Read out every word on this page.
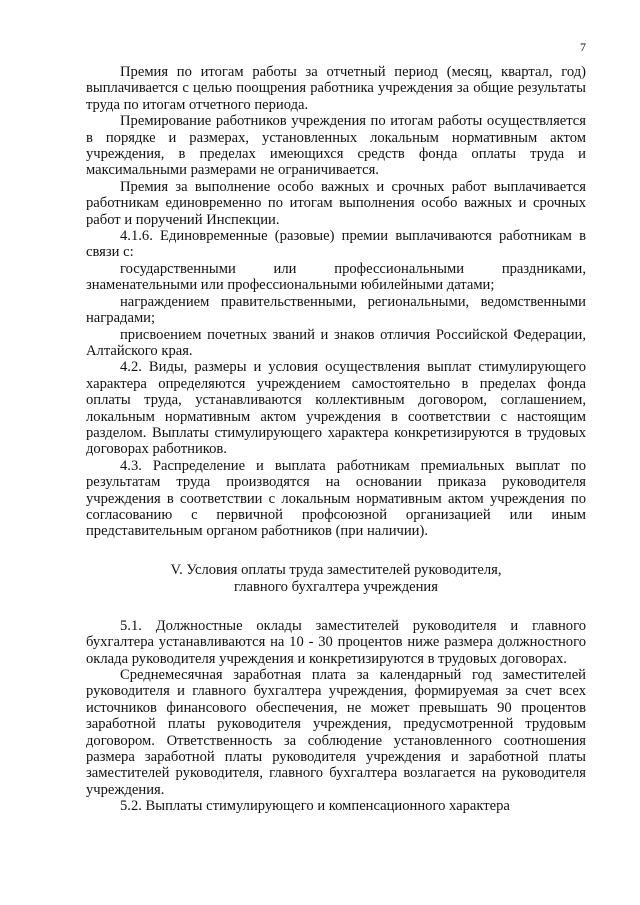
7

Премия по итогам работы за отчетный период (месяц, квартал, год) выплачивается с целью поощрения работника учреждения за общие результаты труда по итогам отчетного периода.

Премирование работников учреждения по итогам работы осуществляется в порядке и размерах, установленных локальным нормативным актом учреждения, в пределах имеющихся средств фонда оплаты труда и максимальными размерами не ограничивается.

Премия за выполнение особо важных и срочных работ выплачивается работникам единовременно по итогам выполнения особо важных и срочных работ и поручений Инспекции.

4.1.6. Единовременные (разовые) премии выплачиваются работникам в связи с:

государственными или профессиональными праздниками, знаменательными или профессиональными юбилейными датами;

награждением правительственными, региональными, ведомственными наградами;

присвоением почетных званий и знаков отличия Российской Федерации, Алтайского края.

4.2. Виды, размеры и условия осуществления выплат стимулирующего характера определяются учреждением самостоятельно в пределах фонда оплаты труда, устанавливаются коллективным договором, соглашением, локальным нормативным актом учреждения в соответствии с настоящим разделом. Выплаты стимулирующего характера конкретизируются в трудовых договорах работников.

4.3. Распределение и выплата работникам премиальных выплат по результатам труда производятся на основании приказа руководителя учреждения в соответствии с локальным нормативным актом учреждения по согласованию с первичной профсоюзной организацией или иным представительным органом работников (при наличии).

V. Условия оплаты труда заместителей руководителя,
главного бухгалтера учреждения

5.1. Должностные оклады заместителей руководителя и главного бухгалтера устанавливаются на 10 - 30 процентов ниже размера должностного оклада руководителя учреждения и конкретизируются в трудовых договорах.

Среднемесячная заработная плата за календарный год заместителей руководителя и главного бухгалтера учреждения, формируемая за счет всех источников финансового обеспечения, не может превышать 90 процентов заработной платы руководителя учреждения, предусмотренной трудовым договором. Ответственность за соблюдение установленного соотношения размера заработной платы руководителя учреждения и заработной платы заместителей руководителя, главного бухгалтера возлагается на руководителя учреждения.

5.2. Выплаты стимулирующего и компенсационного характера
